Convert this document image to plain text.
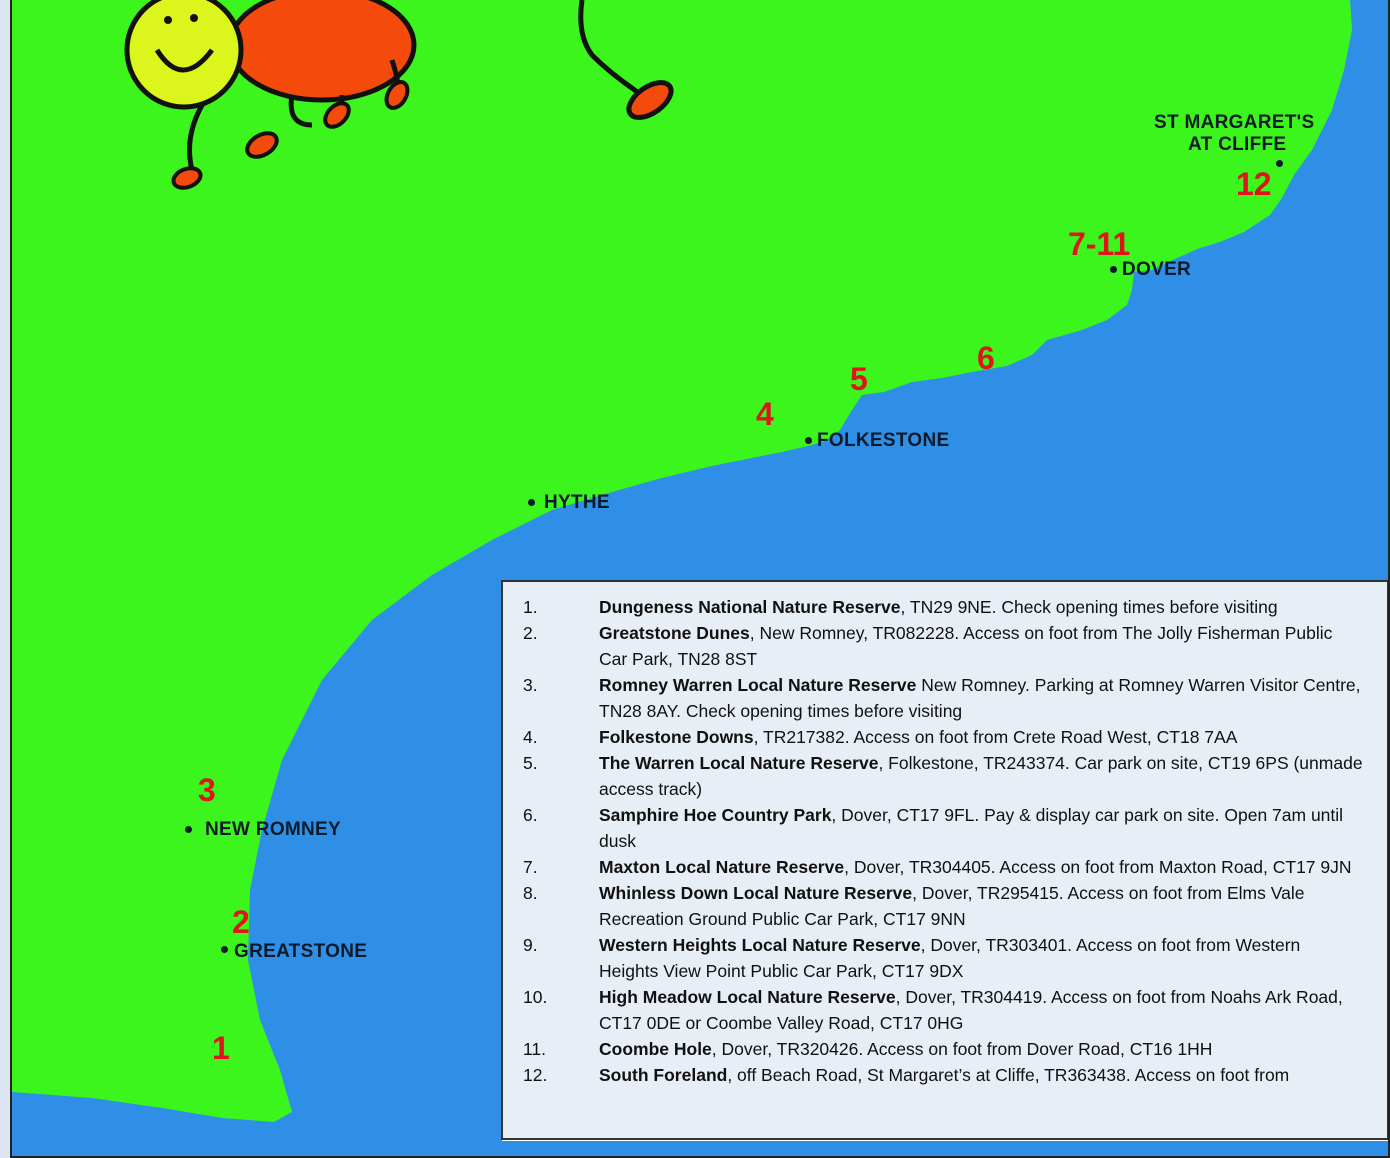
ST MARGARET'S
AT CLIFFE
DOVER
FOLKESTONE
HYTHE
NEW ROMNEY
GREATSTONE
1
2
3
4
5
6
7-11
12
1.	Dungeness National Nature Reserve, TN29 9NE. Check opening times before visiting
2.	Greatstone Dunes, New Romney, TR082228. Access on foot from The Jolly Fisherman Public Car Park, TN28 8ST
3.	Romney Warren Local Nature Reserve New Romney. Parking at Romney Warren Visitor Centre, TN28 8AY. Check opening times before visiting
4.	Folkestone Downs, TR217382. Access on foot from Crete Road West, CT18 7AA
5.	The Warren Local Nature Reserve, Folkestone, TR243374. Car park on site, CT19 6PS (unmade access track)
6.	Samphire Hoe Country Park, Dover, CT17 9FL. Pay & display car park on site. Open 7am until dusk
7.	Maxton Local Nature Reserve, Dover, TR304405. Access on foot from Maxton Road, CT17 9JN
8.	Whinless Down Local Nature Reserve, Dover, TR295415. Access on foot from Elms Vale Recreation Ground Public Car Park, CT17 9NN
9.	Western Heights Local Nature Reserve, Dover, TR303401. Access on foot from Western Heights View Point Public Car Park, CT17 9DX
10.	High Meadow Local Nature Reserve, Dover, TR304419. Access on foot from Noahs Ark Road, CT17 0DE or Coombe Valley Road, CT17 0HG
11.	Coombe Hole, Dover, TR320426. Access on foot from Dover Road, CT16 1HH
12.	South Foreland, off Beach Road, St Margaret’s at Cliffe, TR363438. Access on foot from
